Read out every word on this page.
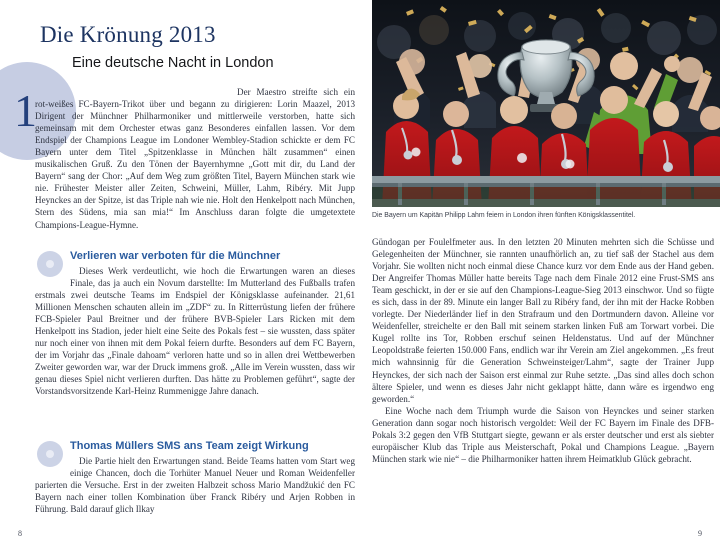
1
Die Krönung 2013
Eine deutsche Nacht in London
Der Maestro streifte sich ein rot-weißes FC-Bayern-Trikot über und begann zu dirigieren: Lorin Maazel, 2013 Dirigent der Münchner Philharmoniker und mittlerweile verstorben, hatte sich gemeinsam mit dem Orchester etwas ganz Besonderes einfallen lassen. Vor dem Endspiel der Champions League im Londoner Wembley-Stadion schickte er dem FC Bayern unter dem Titel „Spitzenklasse in München hält zusammen“ einen musikalischen Gruß. Zu den Tönen der Bayernhymne „Gott mit dir, du Land der Bayern“ sang der Chor: „Auf dem Weg zum größten Titel, Bayern München stark wie nie. Frühester Meister aller Zeiten, Schweini, Müller, Lahm, Ribéry. Mit Jupp Heynckes an der Spitze, ist das Triple nah wie nie. Holt den Henkelpott nach München, Stern des Südens, mia san mia!“ Im Anschluss daran folgte die umgetextete Champions-League-Hymne.
Verlieren war verboten für die Münchner
Dieses Werk verdeutlicht, wie hoch die Erwartungen waren an dieses Finale, das ja auch ein Novum darstellte: Im Mutterland des Fußballs trafen erstmals zwei deutsche Teams im Endspiel der Königsklasse aufeinander. 21,61 Millionen Menschen schauten allein im „ZDF“ zu. In Ritterrüstung liefen der frühere FCB-Spieler Paul Breitner und der frühere BVB-Spieler Lars Ricken mit dem Henkelpott ins Stadion, jeder hielt eine Seite des Pokals fest – sie wussten, dass später nur noch einer von ihnen mit dem Pokal feiern durfte. Besonders auf dem FC Bayern, der im Vorjahr das „Finale dahoam“ verloren hatte und so in allen drei Wettbewerben Zweiter geworden war, war der Druck immens groß. „Alle im Verein wussten, dass wir genau dieses Spiel nicht verlieren durften. Das hätte zu Problemen geführt“, sagte der Vorstandsvorsitzende Karl-Heinz Rummenigge Jahre danach.
Thomas Müllers SMS ans Team zeigt Wirkung
Die Partie hielt den Erwartungen stand. Beide Teams hatten vom Start weg einige Chancen, doch die Torhüter Manuel Neuer und Roman Weidenfeller parierten die Versuche. Erst in der zweiten Halbzeit schoss Mario Mandžukić den FC Bayern nach einer tollen Kombination über Franck Ribéry und Arjen Robben in Führung. Bald darauf glich Ilkay
8
Die Bayern um Kapitän Philipp Lahm feiern in London ihren fünften Königsklassentitel.

Gündogan per Foulelfmeter aus. In den letzten 20 Minuten mehrten sich die Schüsse und Gelegenheiten der Münchner, sie rannten unaufhörlich an, zu tief saß der Stachel aus dem Vorjahr. Sie wollten nicht noch einmal diese Chance kurz vor dem Ende aus der Hand geben. Der Angreifer Thomas Müller hatte bereits Tage nach dem Finale 2012 eine Frust-SMS ans Team geschickt, in der er sie auf den Champions-League-Sieg 2013 einschwor. Und so fügte es sich, dass in der 89. Minute ein langer Ball zu Ribéry fand, der ihn mit der Hacke Robben vorlegte. Der Niederländer lief in den Strafraum und den Dortmundern davon. Alleine vor Weidenfeller, streichelte er den Ball mit seinem starken linken Fuß am Torwart vorbei. Die Kugel rollte ins Tor, Robben erschuf seinen Heldenstatus. Und auf der Münchner Leopoldstraße feierten 150.000 Fans, endlich war ihr Verein am Ziel angekommen. „Es freut mich wahnsinnig für die Generation Schweinsteiger/Lahm“, sagte der Trainer Jupp Heynckes, der sich nach der Saison erst einmal zur Ruhe setzte. „Das sind alles doch schon ältere Spieler, und wenn es dieses Jahr nicht geklappt hätte, dann wäre es irgendwo eng geworden.“

Eine Woche nach dem Triumph wurde die Saison von Heynckes und seiner starken Generation dann sogar noch historisch vergoldet: Weil der FC Bayern im Finale des DFB-Pokals 3:2 gegen den VfB Stuttgart siegte, gewann er als erster deutscher und erst als siebter europäischer Klub das Triple aus Meisterschaft, Pokal und Champions League. „Bayern München stark wie nie“ – die Philharmoniker hatten ihrem Heimatklub Glück gebracht.

9
